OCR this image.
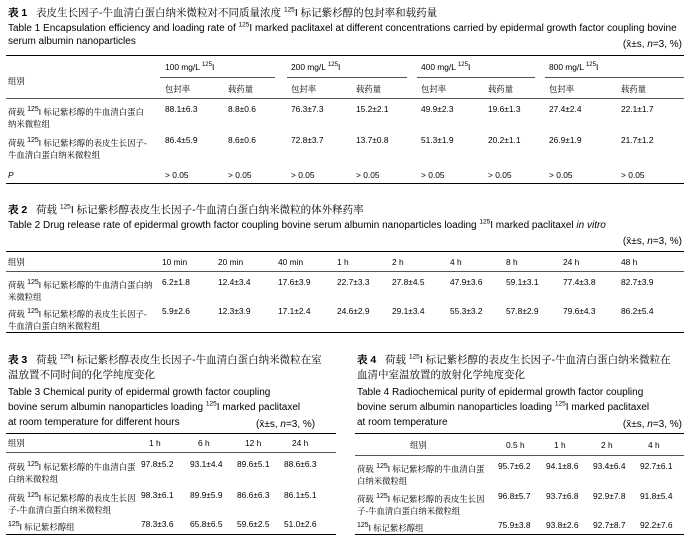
表 1 表皮生长因子-牛血清白蛋白纳米微粒对不同质量浓度 $^{125}$I 标记紫杉醇的包封率和载药量
Table 1 Encapsulation efficiency and loading rate of $^{125}$I marked paclitaxel at different concentrations carried by epidermal growth factor coupling bovine serum albumin nanoparticles	(x̄±s, n=3, %)
组别
100 mg/L $^{125}$I	200 mg/L $^{125}$I	400 mg/L $^{125}$I	800 mg/L $^{125}$I
包封率	载药量	包封率	载药量	包封率	载药量	包封率	载药量
荷载 $^{125}$I 标记紫杉醇的牛血清白蛋白纳米微粒组
88.1±6.3	8.8±0.6	76.3±7.3	15.2±2.1	49.9±2.3	19.6±1.3	27.4±2.4	22.1±1.7
荷载 $^{125}$I 标记紫杉醇的表皮生长因子-牛血清白蛋白纳米微粒组
86.4±5.9	8.6±0.6	72.8±3.7	13.7±0.8	51.3±1.9	20.2±1.1	26.9±1.9	21.7±1.2
P	> 0.05	> 0.05	> 0.05	> 0.05	> 0.05	> 0.05	> 0.05	> 0.05
表 2 荷载 $^{125}$I 标记紫杉醇表皮生长因子-牛血清白蛋白纳米微粒的体外释药率
Table 2 Drug release rate of epidermal growth factor coupling bovine serum albumin nanoparticles loading $^{125}$I marked paclitaxel in vitro
(x̄±s, n=3, %)
组别	10 min	20 min	40 min	1 h	2 h	4 h	8 h	24 h	48 h
荷载 $^{125}$I 标记紫杉醇的牛血清白蛋白纳米微粒组
6.2±1.8	12.4±3.4	17.6±3.9	22.7±3.3	27.8±4.5	47.9±3.6	59.1±3.1	77.4±3.8	82.7±3.9
荷载 $^{125}$I 标记紫杉醇的表皮生长因子-牛血清白蛋白纳米微粒组
5.9±2.6	12.3±3.9	17.1±2.4	24.6±2.9	29.1±3.4	55.3±3.2	57.8±2.9	79.6±4.3	86.2±5.4
表 3 荷载 $^{125}$I 标记紫杉醇表皮生长因子-牛血清白蛋白纳米微粒在室
温放置不同时间的化学纯度变化
Table 3 Chemical purity of epidermal growth factor coupling
bovine serum albumin nanoparticles loading $^{125}$I marked paclitaxel
at room temperature for different hours	(x̄±s, n=3, %)
组别	1 h	6 h	12 h	24 h
荷载 $^{125}$I 标记紫杉醇的牛血清白蛋白纳米微粒组
97.8±5.2 93.1±4.4 89.6±5.1 88.6±6.3
荷载 $^{125}$I 标记紫杉醇的表皮生长因子-牛血清白蛋白纳米微粒组
98.3±6.1 89.9±5.9 86.6±6.3 86.1±5.1
$^{125}$I 标记紫杉醇组	78.3±3.6 65.8±6.5 59.6±2.5 51.0±2.6
表 4 荷载 $^{125}$I 标记紫杉醇的表皮生长因子-牛血清白蛋白纳米微粒在
血清中室温放置的放射化学纯度变化
Table 4 Radiochemical purity of epidermal growth factor coupling
bovine serum albumin nanoparticles loading $^{125}$I marked paclitaxel
at room temperature	(x̄±s, n=3, %)
组别	0.5 h	1 h	2 h	4 h
荷载 $^{125}$I 标记紫杉醇的牛血清白蛋白纳米微粒组
95.7±6.2 94.1±8.6 93.4±6.4 92.7±6.1
荷载 $^{125}$I 标记紫杉醇的表皮生长因子-牛血清白蛋白纳米微粒组
96.8±5.7 93.7±6.8 92.9±7.8 91.8±5.4
$^{125}$I 标记紫杉醇组	75.9±3.8 93.8±2.6 92.7±8.7 92.2±7.6
